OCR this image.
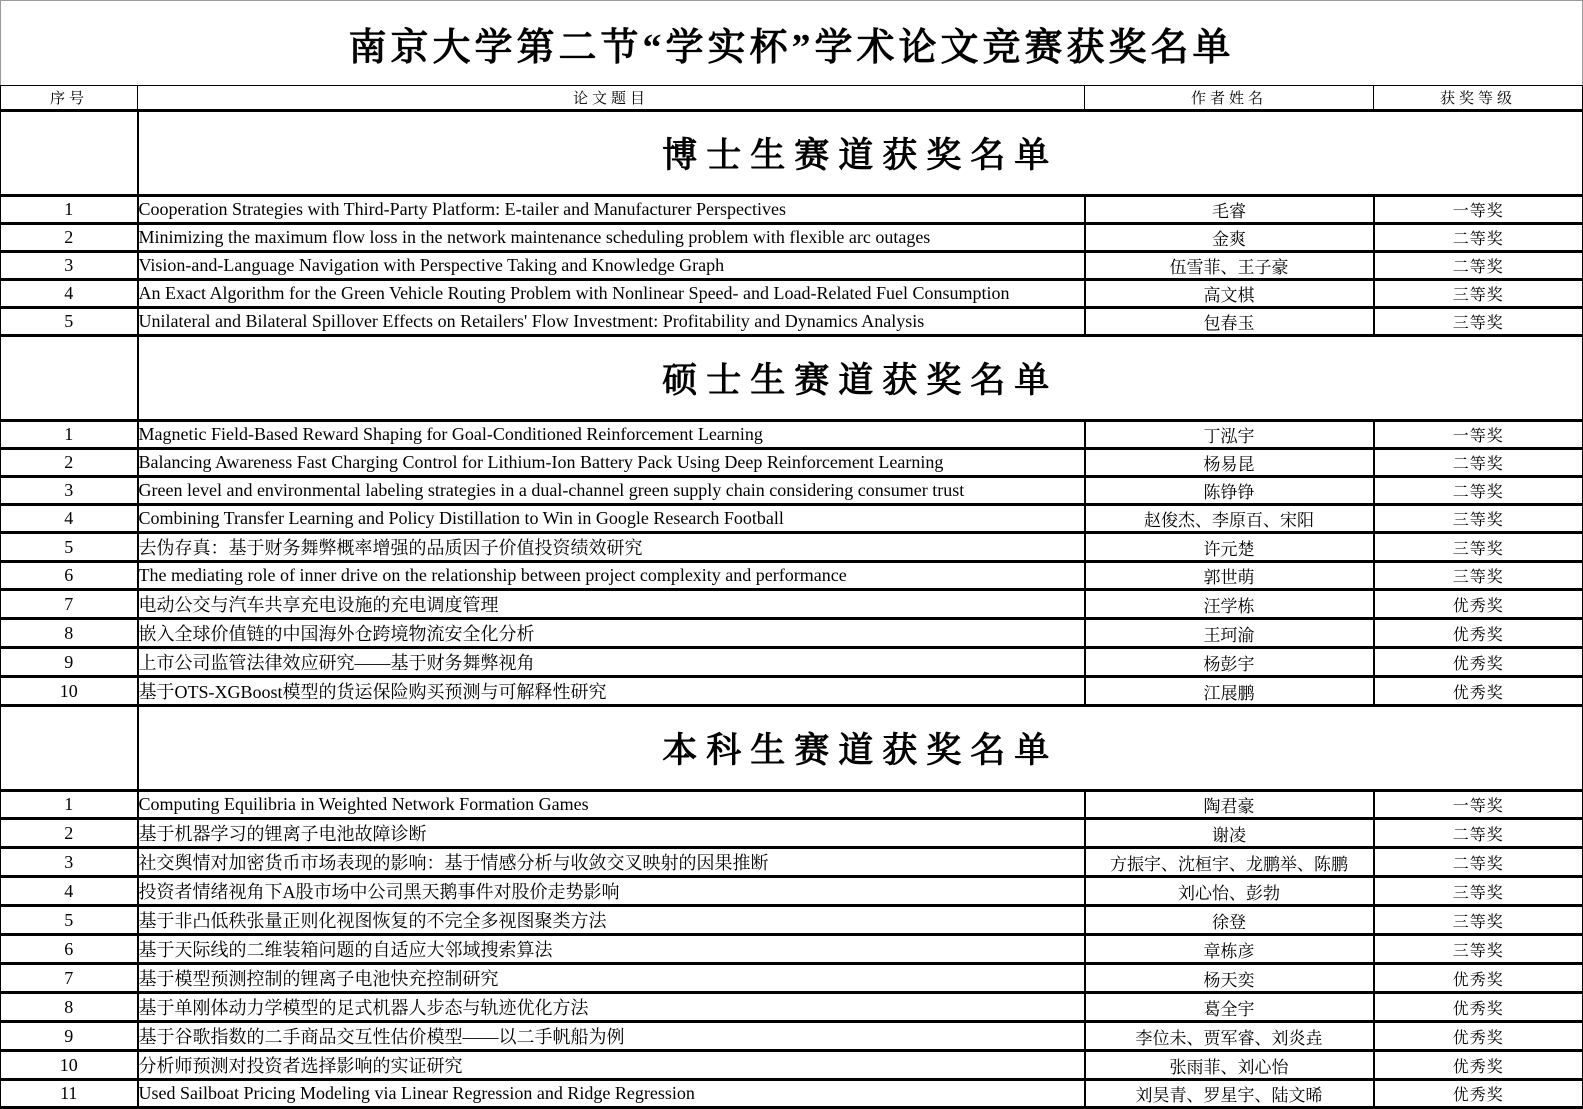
南京大学第二节“学实杯”学术论文竞赛获奖名单			
序号	论文题目	作者姓名	获奖等级
	博士生赛道获奖名单		
1	Cooperation Strategies with Third-Party Platform: E-tailer and Manufacturer Perspectives	毛睿	一等奖
2	Minimizing the maximum flow loss in the network maintenance scheduling problem with flexible arc outages	金爽	二等奖
3	Vision-and-Language Navigation with Perspective Taking and Knowledge Graph	伍雪菲、王子豪	二等奖
4	An Exact Algorithm for the Green Vehicle Routing Problem with Nonlinear Speed- and Load-Related Fuel Consumption	高文棋	三等奖
5	Unilateral and Bilateral Spillover Effects on Retailers' Flow Investment: Profitability and Dynamics Analysis	包春玉	三等奖
	硕士生赛道获奖名单		
1	Magnetic Field-Based Reward Shaping for Goal-Conditioned Reinforcement Learning	丁泓宇	一等奖
2	Balancing Awareness Fast Charging Control for Lithium-Ion Battery Pack Using Deep Reinforcement Learning	杨易昆	二等奖
3	Green level and environmental labeling strategies in a dual-channel green supply chain considering consumer trust	陈铮铮	二等奖
4	Combining Transfer Learning and Policy Distillation to Win in Google Research Football	赵俊杰、李原百、宋阳	三等奖
5	去伪存真：基于财务舞弊概率增强的品质因子价值投资绩效研究	许元楚	三等奖
6	The mediating role of inner drive on the relationship between project complexity and performance	郭世萌	三等奖
7	电动公交与汽车共享充电设施的充电调度管理	汪学栋	优秀奖
8	嵌入全球价值链的中国海外仓跨境物流安全化分析	王珂渝	优秀奖
9	上市公司监管法律效应研究——基于财务舞弊视角	杨彭宇	优秀奖
10	基于OTS-XGBoost模型的货运保险购买预测与可解释性研究	江展鹏	优秀奖
	本科生赛道获奖名单		
1	Computing Equilibria in Weighted Network Formation Games	陶君豪	一等奖
2	基于机器学习的锂离子电池故障诊断	谢凌	二等奖
3	社交舆情对加密货币市场表现的影响：基于情感分析与收敛交叉映射的因果推断	方振宇、沈桓宇、龙鹏举、陈鹏	二等奖
4	投资者情绪视角下A股市场中公司黑天鹅事件对股价走势影响	刘心怡、彭勃	三等奖
5	基于非凸低秩张量正则化视图恢复的不完全多视图聚类方法	徐登	三等奖
6	基于天际线的二维装箱问题的自适应大邻域搜索算法	章栋彦	三等奖
7	基于模型预测控制的锂离子电池快充控制研究	杨天奕	优秀奖
8	基于单刚体动力学模型的足式机器人步态与轨迹优化方法	葛全宇	优秀奖
9	基于谷歌指数的二手商品交互性估价模型——以二手帆船为例	李位未、贾军睿、刘炎垚	优秀奖
10	分析师预测对投资者选择影响的实证研究	张雨菲、刘心怡	优秀奖
11	Used Sailboat Pricing Modeling via Linear Regression and Ridge Regression	刘昊青、罗星宇、陆文晞	优秀奖
